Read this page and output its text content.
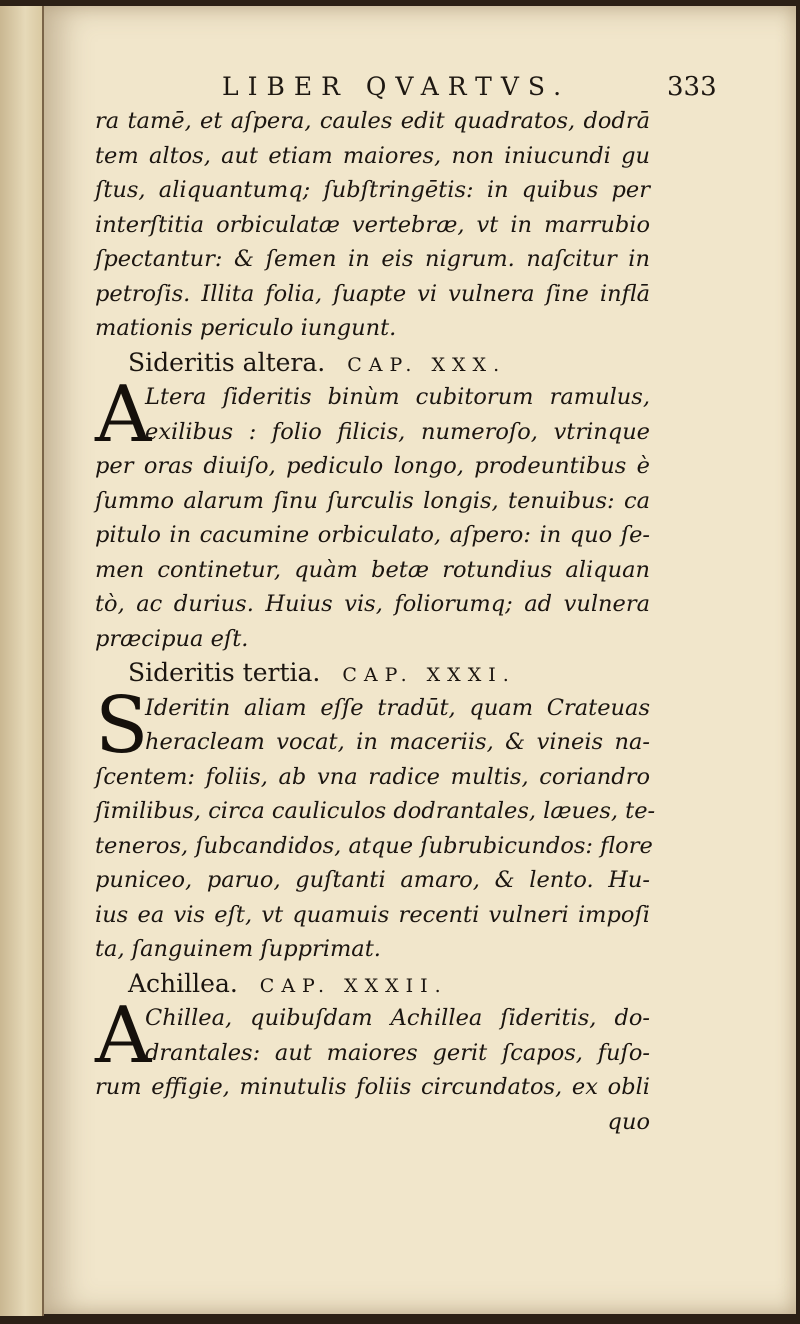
LIBER QVARTVS.	333
ra tamē, et aſpera, caules edit quadratos, dodrā
tem altos, aut etiam maiores, non iniucundi gu
ſtus, aliquantumq; ſubſtringētis: in quibus per
interſtitia orbiculatæ vertebræ, vt in marrubio
ſpectantur: & ſemen in eis nigrum. naſcitur in
petroſis. Illita folia, ſuapte vi vulnera ſine inflā
mationis periculo iungunt.
Sideritis altera. CAP. XXX.
A
Ltera ſideritis binùm cubitorum ramulus,
exilibus : folio filicis, numeroſo, vtrinque
per oras diuiſo, pediculo longo, prodeuntibus è
ſummo alarum ſinu ſurculis longis, tenuibus: ca
pitulo in cacumine orbiculato, aſpero: in quo ſe-
men continetur, quàm betæ rotundius aliquan
tò, ac durius. Huius vis, foliorumq; ad vulnera
præcipua eſt.
Sideritis tertia. CAP. XXXI.
S
Ideritin aliam eſſe tradūt, quam Crateuas
heracleam vocat, in maceriis, & vineis na-
ſcentem: foliis, ab vna radice multis, coriandro
ſimilibus, circa cauliculos dodrantales, læues, te-
teneros, ſubcandidos, atque ſubrubicundos: flore
puniceo, paruo, guſtanti amaro, & lento. Hu-
ius ea vis eſt, vt quamuis recenti vulneri impoſi
ta, ſanguinem ſupprimat.
Achillea. CAP. XXXII.
A
Chillea, quibuſdam Achillea ſideritis, do-
drantales: aut maiores gerit ſcapos, fuſo-
rum effigie, minutulis foliis circundatos, ex obli
quo
